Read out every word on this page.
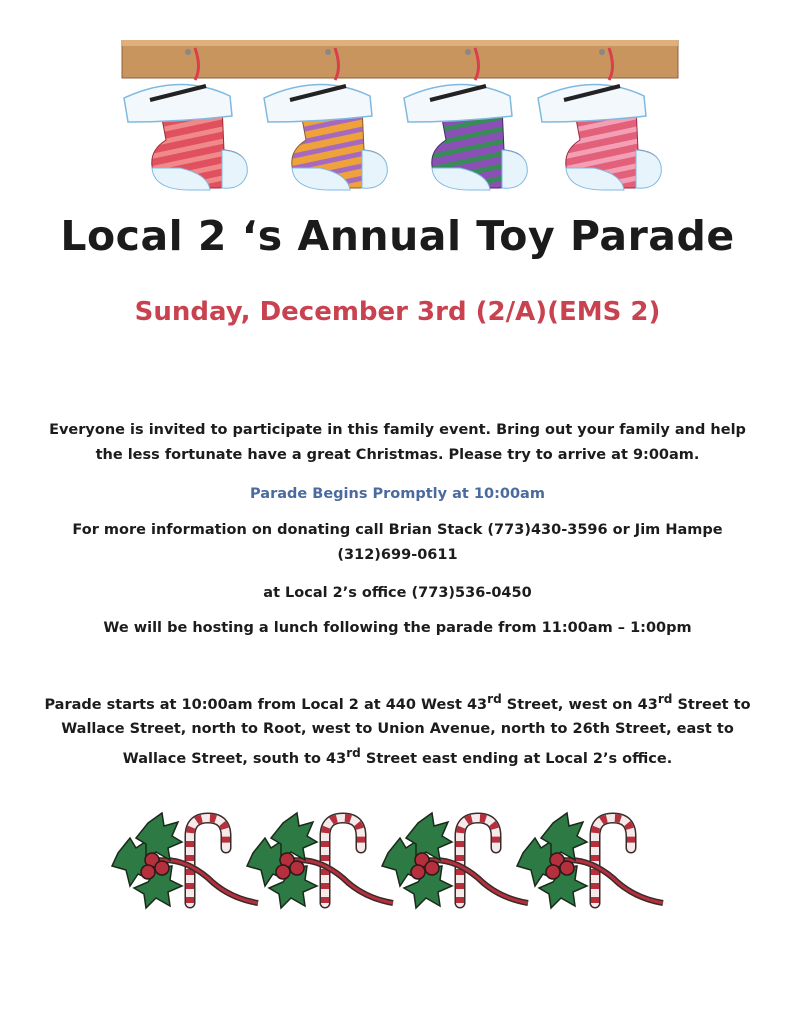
Local 2 ‘s Annual Toy Parade
Sunday, December 3rd (2/A)(EMS 2)
Everyone is invited to participate in this family event. Bring out your family and help
the less fortunate have a great Christmas. Please try to arrive at 9:00am.
Parade Begins Promptly at 10:00am
For more information on donating call Brian Stack (773)430-3596 or Jim Hampe
(312)699-0611
at Local 2’s office (773)536-0450
We will be hosting a lunch following the parade from 11:00am – 1:00pm
Parade starts at 10:00am from Local 2 at 440 West 43rd Street, west on 43rd Street to
Wallace Street, north to Root, west to Union Avenue, north to 26th Street, east to
Wallace Street, south to 43rd Street east ending at Local 2’s office.
